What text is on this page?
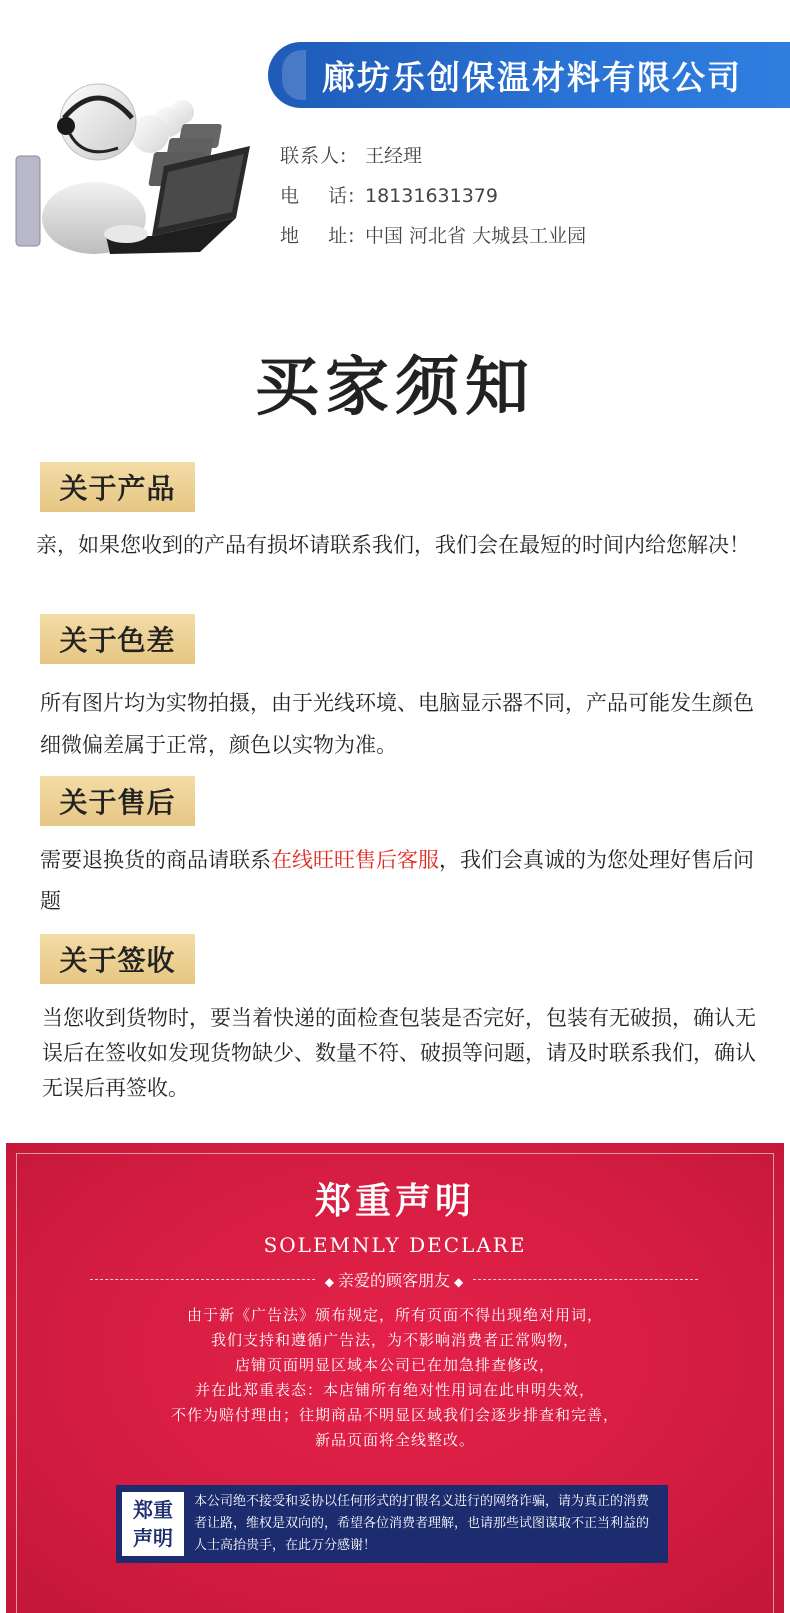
廊坊乐创保温材料有限公司
联系人: 王经理
电    话: 18131631379
地    址: 中国 河北省 大城县工业园
买家须知
关于产品
亲，如果您收到的产品有损坏请联系我们，我们会在最短的时间内给您解决！
关于色差
所有图片均为实物拍摄，由于光线环境、电脑显示器不同，产品可能发生颜色细微偏差属于正常，颜色以实物为准。
关于售后
需要退换货的商品请联系在线旺旺售后客服，我们会真诚的为您处理好售后问题
关于签收
当您收到货物时，要当着快递的面检查包装是否完好，包装有无破损，确认无误后在签收如发现货物缺少、数量不符、破损等问题，请及时联系我们，确认无误后再签收。
郑重声明
SOLEMNLY DECLARE
◆ 亲爱的顾客朋友 ◆
由于新《广告法》颁布规定，所有页面不得出现绝对用词，
我们支持和遵循广告法，为不影响消费者正常购物，
店铺页面明显区域本公司已在加急排查修改，
并在此郑重表态：本店铺所有绝对性用词在此申明失效，
不作为赔付理由；往期商品不明显区域我们会逐步排查和完善，
新品页面将全线整改。
郑重
声明
本公司绝不接受和妥协以任何形式的打假名义进行的网络诈骗，请为真正的消费者让路，维权是双向的，希望各位消费者理解，也请那些试图谋取不正当利益的人士高抬贵手，在此万分感谢！
